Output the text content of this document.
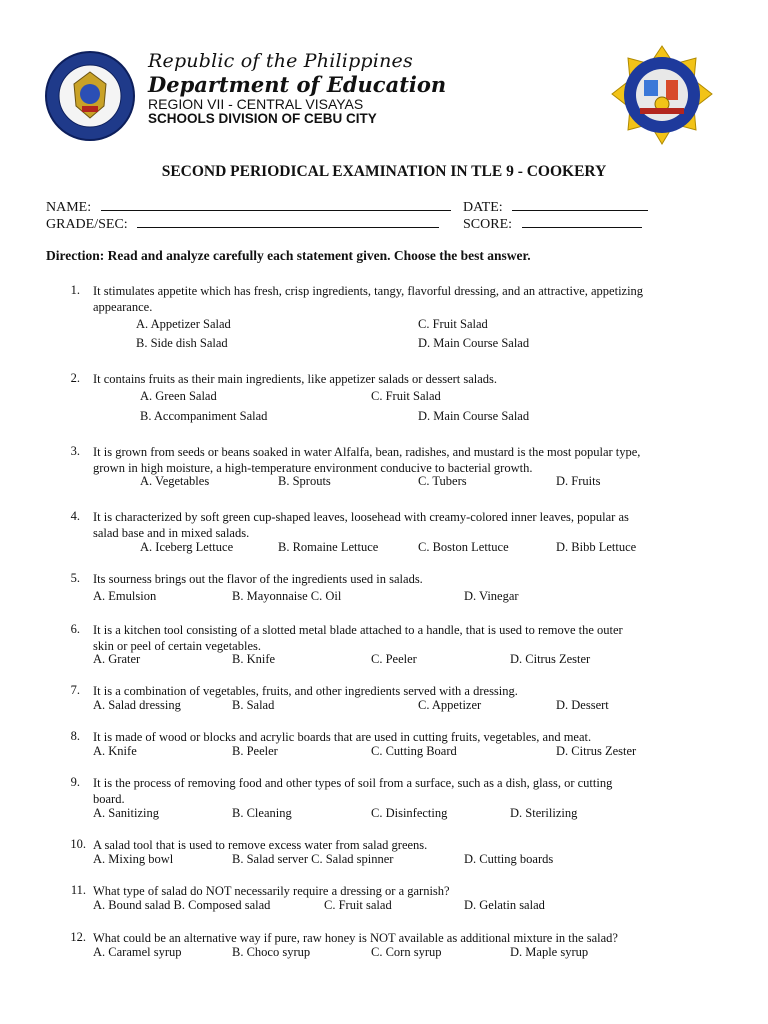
Republic of the Philippines
Department of Education
REGION VII - CENTRAL VISAYAS
SCHOOLS DIVISION OF CEBU CITY
SECOND PERIODICAL EXAMINATION IN TLE 9 - COOKERY
NAME:	DATE:
GRADE/SEC:	SCORE:
Direction: Read and analyze carefully each statement given. Choose the best answer.
1. It stimulates appetite which has fresh, crisp ingredients, tangy, flavorful dressing, and an attractive, appetizing
appearance.
A. Appetizer Salad	C. Fruit Salad
B. Side dish Salad	D. Main Course Salad
2. It contains fruits as their main ingredients, like appetizer salads or dessert salads.
A. Green Salad	C. Fruit Salad
B. Accompaniment Salad	D. Main Course Salad
3. It is grown from seeds or beans soaked in water Alfalfa, bean, radishes, and mustard is the most popular type,
grown in high moisture, a high-temperature environment conducive to bacterial growth.
A. Vegetables	B. Sprouts	C. Tubers	D. Fruits
4. It is characterized by soft green cup-shaped leaves, loosehead with creamy-colored inner leaves, popular as
salad base and in mixed salads.
A. Iceberg Lettuce	B. Romaine Lettuce	C. Boston Lettuce	D. Bibb Lettuce
5. Its sourness brings out the flavor of the ingredients used in salads.
A. Emulsion	B. Mayonnaise C. Oil	D. Vinegar
6. It is a kitchen tool consisting of a slotted metal blade attached to a handle, that is used to remove the outer
skin or peel of certain vegetables.
A. Grater	B. Knife	C. Peeler	D. Citrus Zester
7. It is a combination of vegetables, fruits, and other ingredients served with a dressing.
A. Salad dressing	B. Salad	C. Appetizer	D. Dessert
8. It is made of wood or blocks and acrylic boards that are used in cutting fruits, vegetables, and meat.
A. Knife	B. Peeler	C. Cutting Board	D. Citrus Zester
9. It is the process of removing food and other types of soil from a surface, such as a dish, glass, or cutting
board.
A. Sanitizing	B. Cleaning	C. Disinfecting	D. Sterilizing
10. A salad tool that is used to remove excess water from salad greens.
A. Mixing bowl	B. Salad server C. Salad spinner	D. Cutting boards
11. What type of salad do NOT necessarily require a dressing or a garnish?
A. Bound salad B. Composed salad	C. Fruit salad	D. Gelatin salad
12. What could be an alternative way if pure, raw honey is NOT available as additional mixture in the salad?
A. Caramel syrup	B. Choco syrup	C. Corn syrup	D. Maple syrup
